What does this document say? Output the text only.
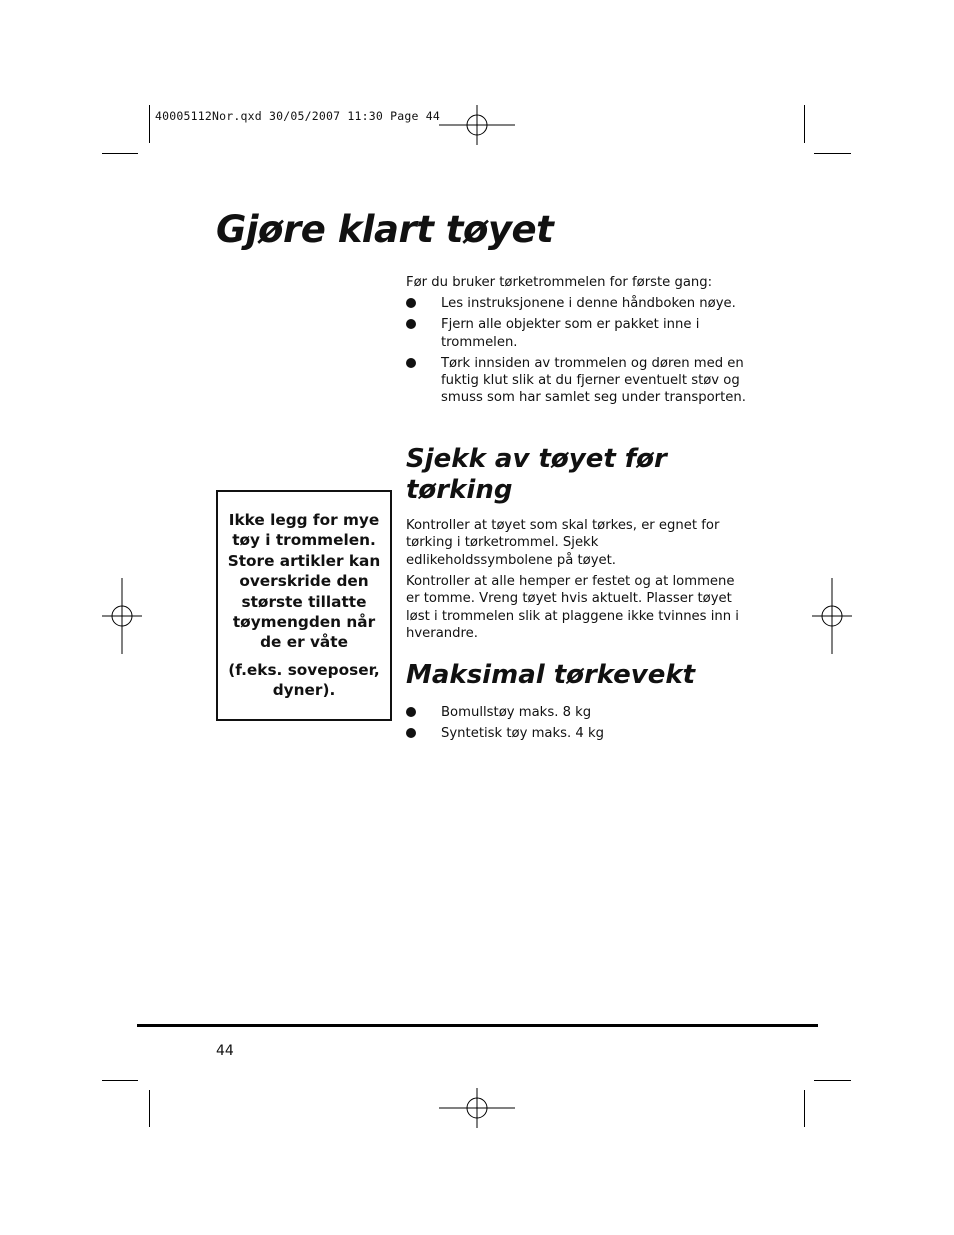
40005112Nor.qxd 30/05/2007 11:30 Page 44
Gjøre klart tøyet
Før du bruker tørketrommelen for første gang:
Les instruksjonene i denne håndboken nøye.
Fjern alle objekter som er pakket inne i trommelen.
Tørk innsiden av trommelen og døren med en fuktig klut slik at du fjerner eventuelt støv og smuss som har samlet seg under transporten.
Sjekk av tøyet før tørking
Kontroller at tøyet som skal tørkes, er egnet for tørking i tørketrommel. Sjekk edlikeholdssymbolene på tøyet.
Kontroller at alle hemper er festet og at lommene er tomme. Vreng tøyet hvis aktuelt. Plasser tøyet løst i trommelen slik at plaggene ikke tvinnes inn i hverandre.
Maksimal tørkevekt
Bomullstøy maks. 8 kg
Syntetisk tøy maks. 4 kg
Ikke legg for mye tøy i trommelen. Store artikler kan overskride den største tillatte tøymengden når de er våte
(f.eks. soveposer, dyner).
44
